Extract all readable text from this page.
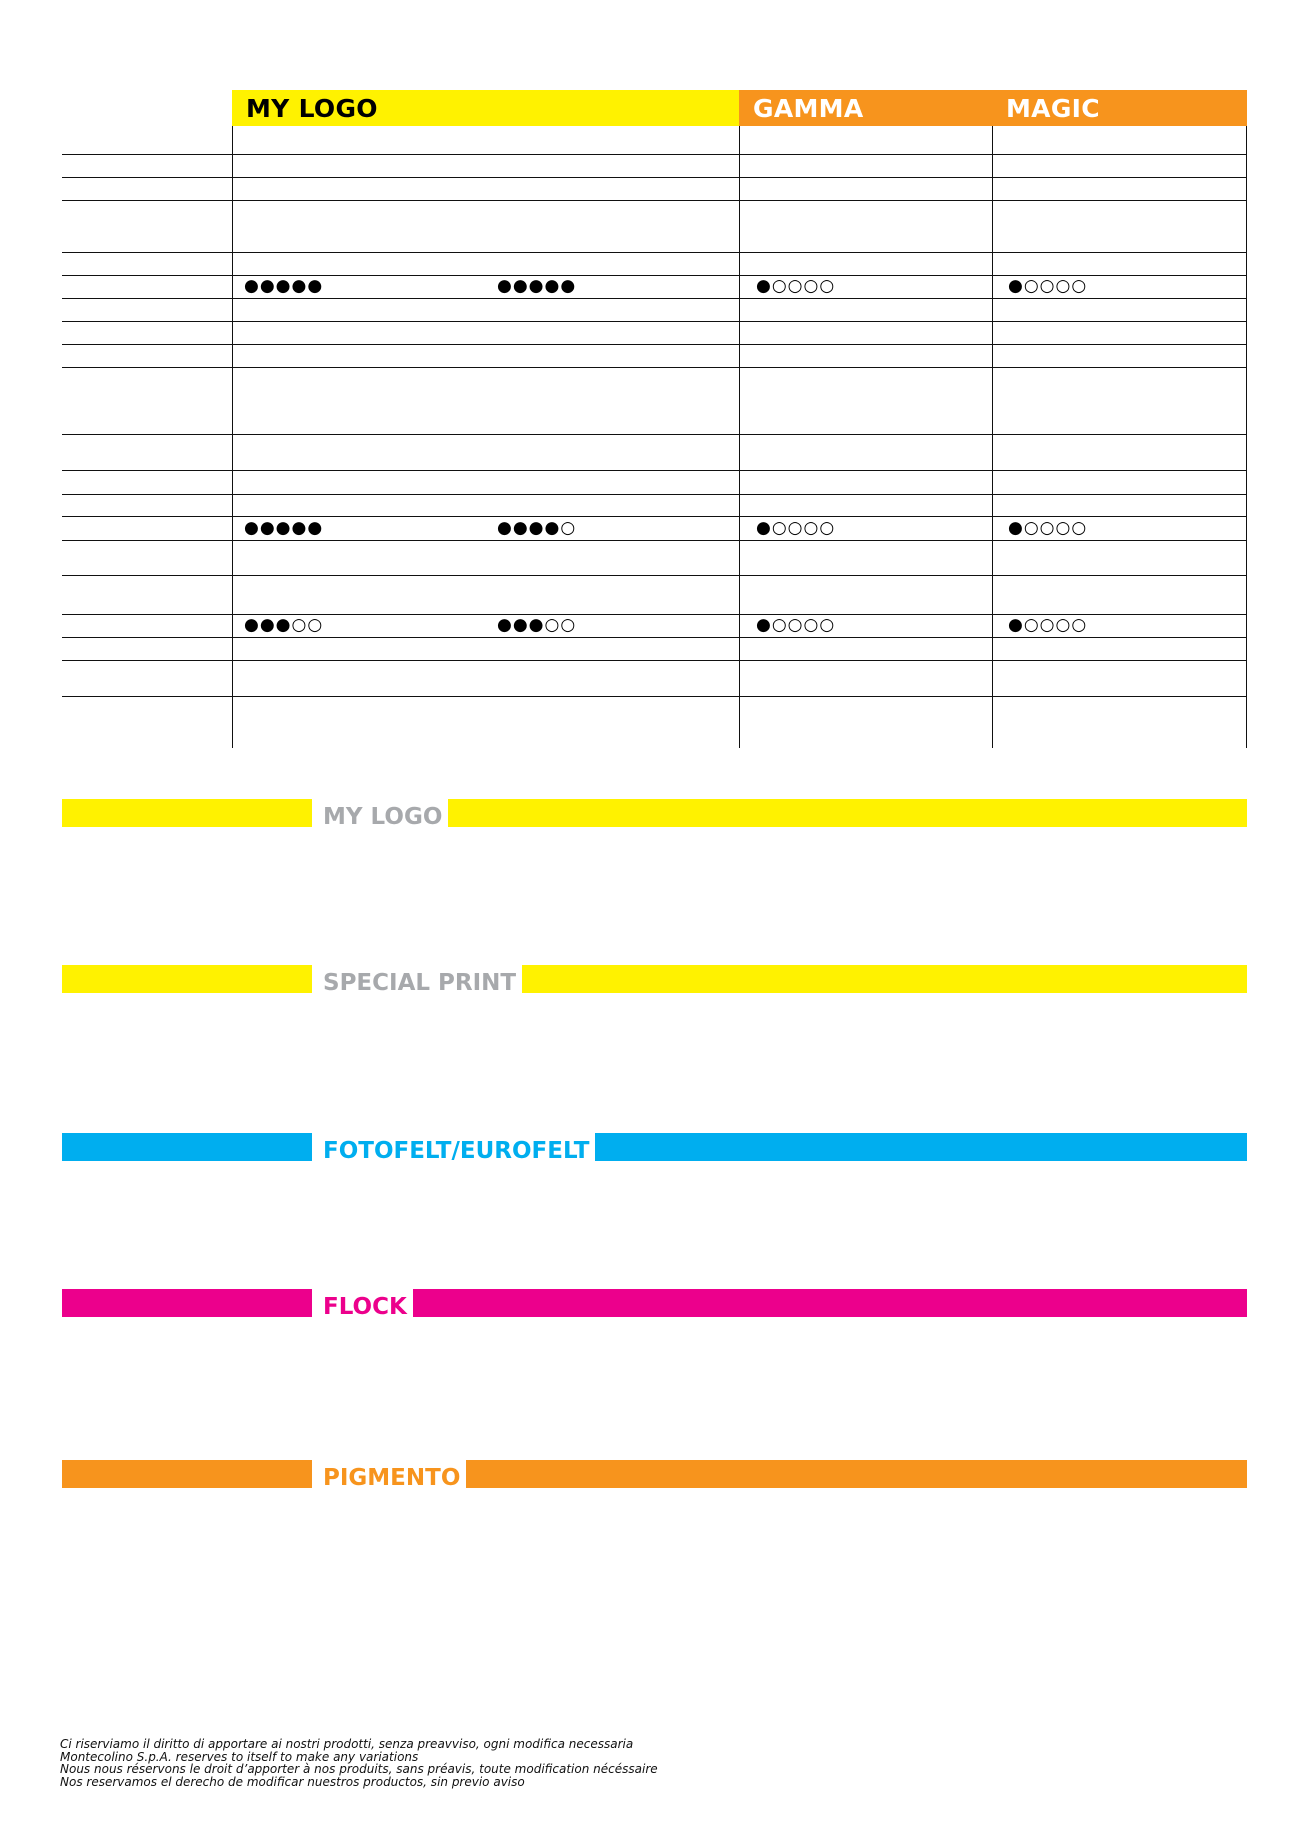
MY LOGO	GAMMA	MAGIC
●●●●●	●●●●●	●○○○○	●○○○○
●●●●●	●●●●○	●○○○○	●○○○○
●●●○○	●●●○○	●○○○○	●○○○○
MY LOGO
SPECIAL PRINT
FOTOFELT/EUROFELT
FLOCK
PIGMENTO
Ci riserviamo il diritto di apportare ai nostri prodotti, senza preavviso, ogni modifica necessaria
Montecolino S.p.A. reserves to itself to make any variations
Nous nous réservons le droit d’apporter à nos produits, sans préavis, toute modification nécéssaire
Nos reservamos el derecho de modificar nuestros productos, sin previo aviso
